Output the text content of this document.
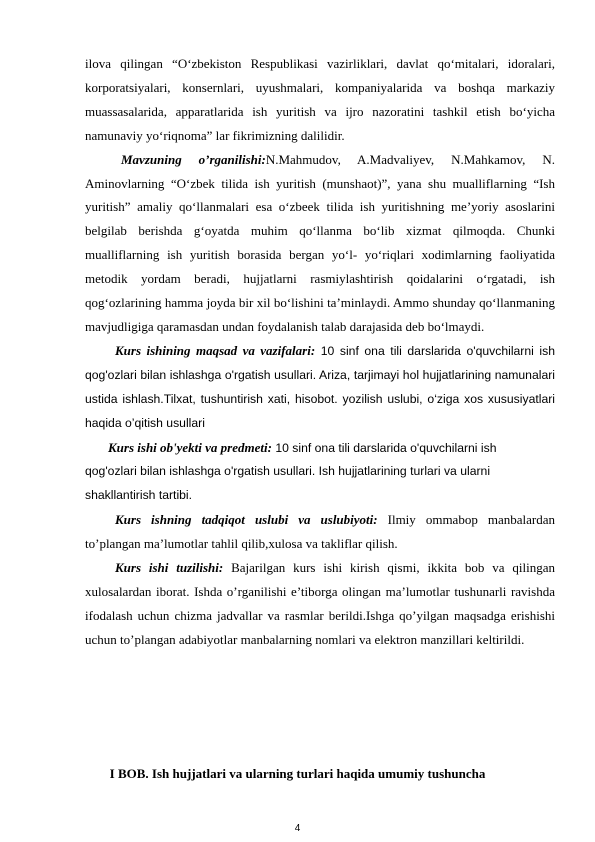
ilova qilingan “O‘zbekiston Respublikasi vazirliklari, davlat qo‘mitalari, idoralari, korporatsiyalari, konsernlari, uyushmalari, kompaniyalarida va boshqa markaziy muassasalarida, apparatlarida ish yuritish va ijro nazoratini tashkil etish bo‘yicha namunaviy yo‘riqnoma” lar fikrimizning dalilidir.

Mavzuning o’rganilishi:N.Mahmudov, A.Madvaliyev, N.Mahkamov, N. Aminovlarning “O‘zbek tilida ish yuritish (munshaot)”, yana shu mualliflarning “Ish yuritish” amaliy qo‘llanmalari esa o‘zbeek tilida ish yuritishning me’yoriy asoslarini belgilab berishda g‘oyatda muhim qo‘llanma bo‘lib xizmat qilmoqda. Chunki mualliflarning ish yuritish borasida bergan yo‘l- yo‘riqlari xodimlarning faoliyatida metodik yordam beradi, hujjatlarni rasmiylashtirish qoidalarini o‘rgatadi, ish qog‘ozlarining hamma joyda bir xil bo‘lishini ta’minlaydi. Ammo shunday qo‘llanmaning mavjudligiga qaramasdan undan foydalanish talab darajasida deb bo‘lmaydi.

Kurs ishining maqsad va vazifalari: 10 sinf ona tili darslarida o'quvchilarni ish qog'ozlari bilan ishlashga o'rgatish usullari. Ariza, tarjimayi hol hujjatlarining namunalari ustida ishlash.Tilxat, tushuntirish xati, hisobot. yozilish uslubi, o‘ziga xos xususiyatlari haqida o’qitish usullari

Kurs ishi ob'yekti va predmeti: 10 sinf ona tili darslarida o'quvchilarni ish

qog'ozlari bilan ishlashga o'rgatish usullari. Ish hujjatlarining turlari va ularni

shakllantirish tartibi.

Kurs ishning tadqiqot uslubi va uslubiyoti: Ilmiy ommabop manbalardan to’plangan ma’lumotlar tahlil qilib,xulosa va takliflar qilish.

Kurs ishi tuzilishi: Bajarilgan kurs ishi kirish qismi, ikkita bob va qilingan xulosalardan iborat. Ishda o’rganilishi e’tiborga olingan ma’lumotlar tushunarli ravishda ifodalash uchun chizma jadvallar va rasmlar berildi.Ishga qo’yilgan maqsadga erishishi uchun to’plangan adabiyotlar manbalarning nomlari va elektron manzillari keltirildi.

I BOB. Ish hujjatlari va ularning turlari haqida umumiy tushuncha
4
